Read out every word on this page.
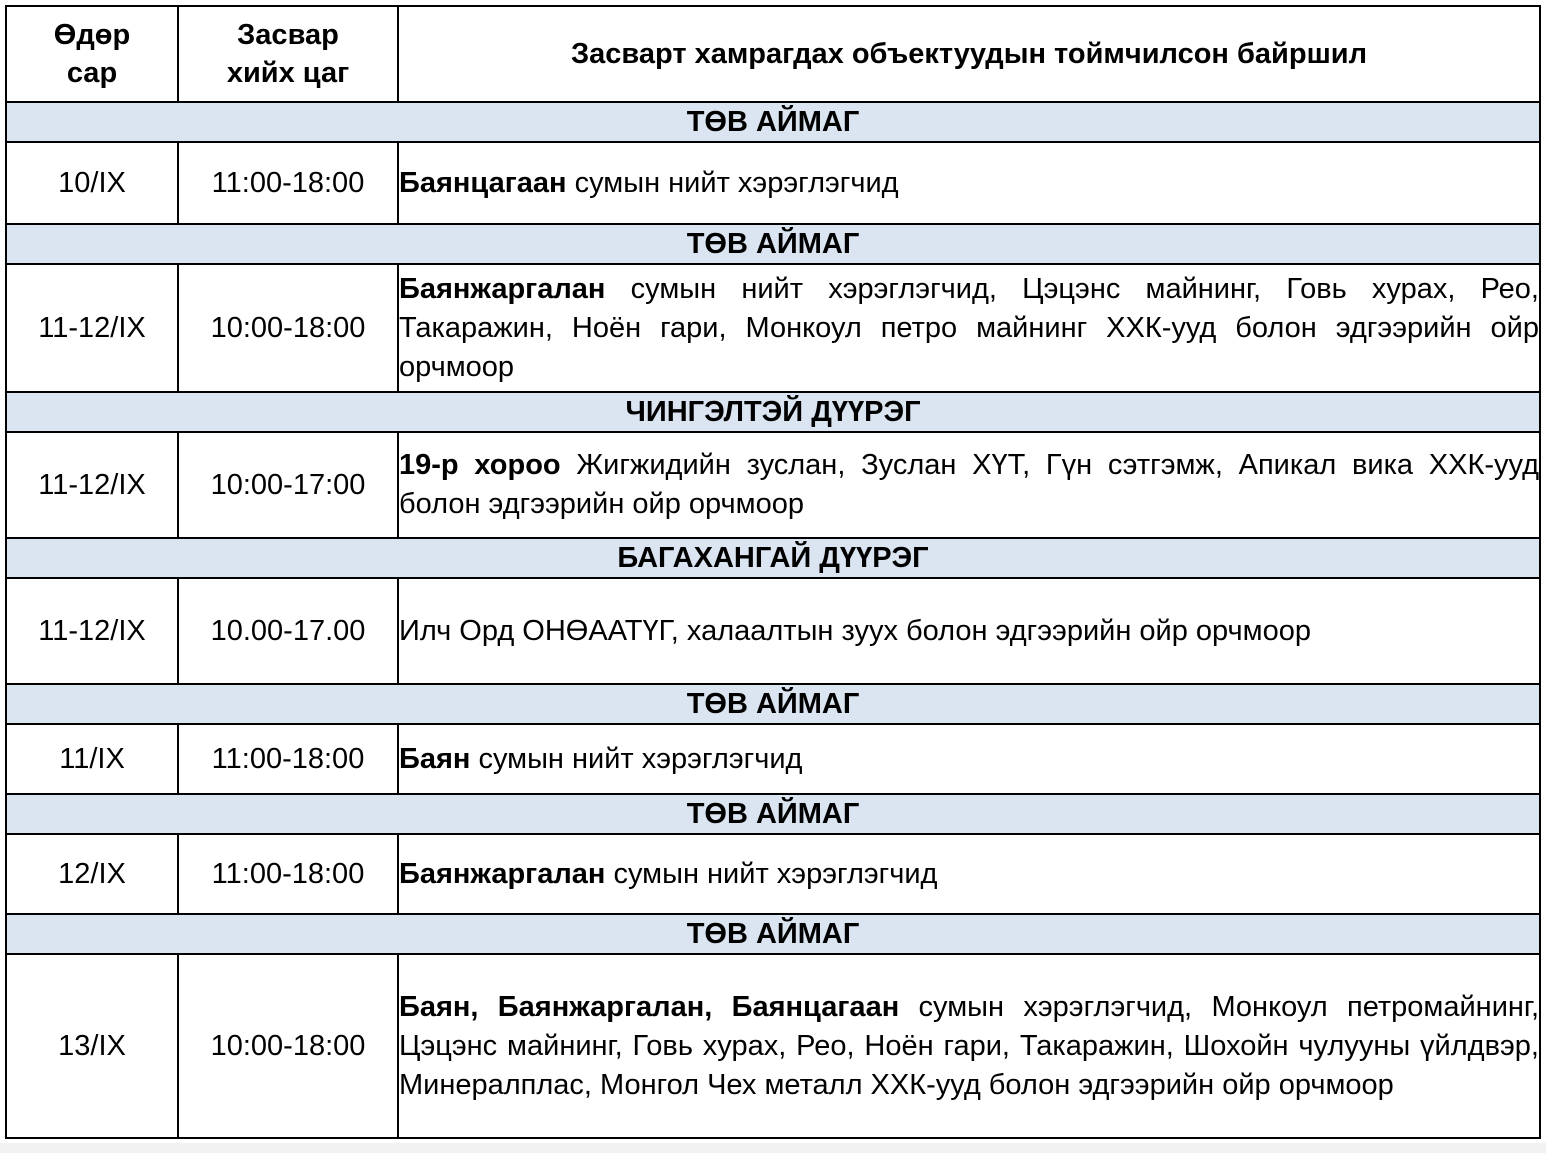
Өдөр сар	Засвар хийх цаг	Засварт хамрагдах объектуудын тоймчилсон байршил
ТӨВ АЙМАГ		
10/IX	11:00-18:00	Баянцагаан сумын нийт хэрэглэгчид
ТӨВ АЙМАГ		
11-12/IX	10:00-18:00	Баянжаргалан сумын нийт хэрэглэгчид, Цэцэнс майнинг, Говь хурах, Рео, Такаражин, Ноён гари, Монкоул петро майнинг ХХК-ууд болон эдгээрийн ойр орчмоор
ЧИНГЭЛТЭЙ ДҮҮРЭГ		
11-12/IX	10:00-17:00	19-р хороо Жигжидийн зуслан, Зуслан ХҮТ, Гүн сэтгэмж, Апикал вика ХХК-ууд болон эдгээрийн ойр орчмоор
БАГАХАНГАЙ ДҮҮРЭГ		
11-12/IX	10.00-17.00	Илч Орд ОНӨААТҮГ, халаалтын зуух болон эдгээрийн ойр орчмоор
ТӨВ АЙМАГ		
11/IX	11:00-18:00	Баян сумын нийт хэрэглэгчид
ТӨВ АЙМАГ		
12/IX	11:00-18:00	Баянжаргалан сумын нийт хэрэглэгчид
ТӨВ АЙМАГ		
13/IX	10:00-18:00	Баян, Баянжаргалан, Баянцагаан сумын хэрэглэгчид, Монкоул петромайнинг, Цэцэнс майнинг, Говь хурах, Рео, Ноён гари, Такаражин, Шохойн чулууны үйлдвэр, Минералплас, Монгол Чех металл ХХК-ууд болон эдгээрийн ойр орчмоор
